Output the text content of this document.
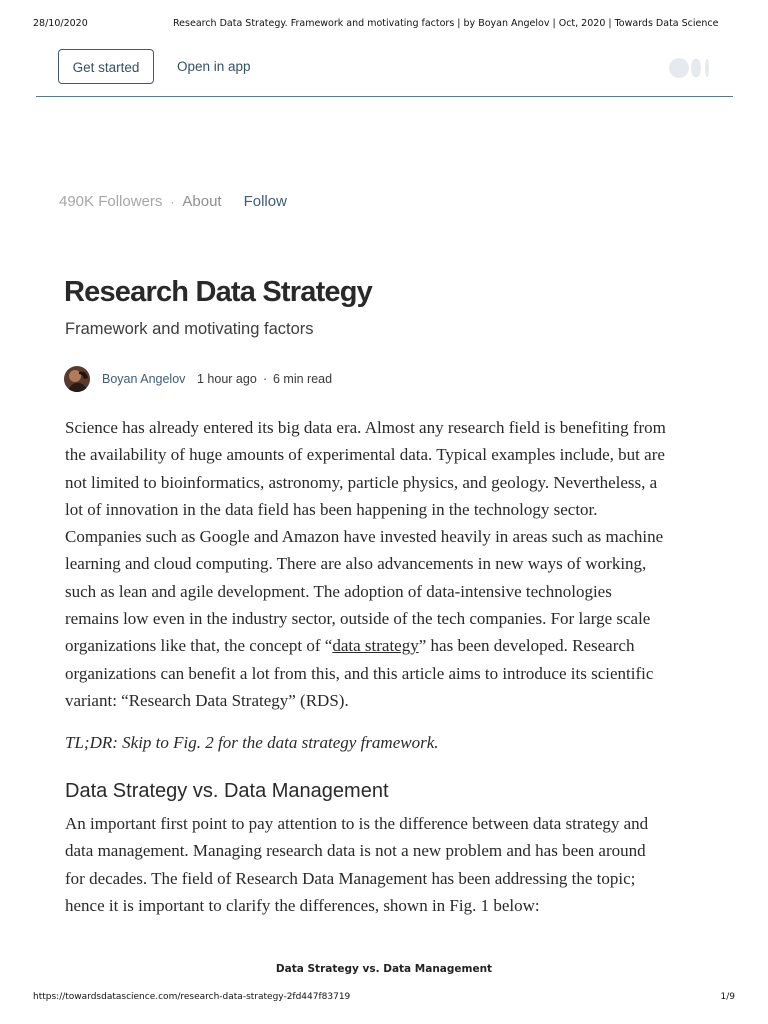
28/10/2020	Research Data Strategy. Framework and motivating factors | by Boyan Angelov | Oct, 2020 | Towards Data Science
Get started	Open in app
490K Followers · About Follow
Research Data Strategy
Framework and motivating factors
Boyan Angelov 1 hour ago · 6 min read
Science has already entered its big data era. Almost any research field is benefiting from
the availability of huge amounts of experimental data. Typical examples include, but are
not limited to bioinformatics, astronomy, particle physics, and geology. Nevertheless, a
lot of innovation in the data field has been happening in the technology sector.
Companies such as Google and Amazon have invested heavily in areas such as machine
learning and cloud computing. There are also advancements in new ways of working,
such as lean and agile development. The adoption of data-intensive technologies
remains low even in the industry sector, outside of the tech companies. For large scale
organizations like that, the concept of “data strategy” has been developed. Research
organizations can benefit a lot from this, and this article aims to introduce its scientific
variant: “Research Data Strategy” (RDS).
TL;DR: Skip to Fig. 2 for the data strategy framework.
Data Strategy vs. Data Management
An important first point to pay attention to is the difference between data strategy and
data management. Managing research data is not a new problem and has been around
for decades. The field of Research Data Management has been addressing the topic;
hence it is important to clarify the differences, shown in Fig. 1 below:
Data Strategy vs. Data Management
https://towardsdatascience.com/research-data-strategy-2fd447f83719	1/9
